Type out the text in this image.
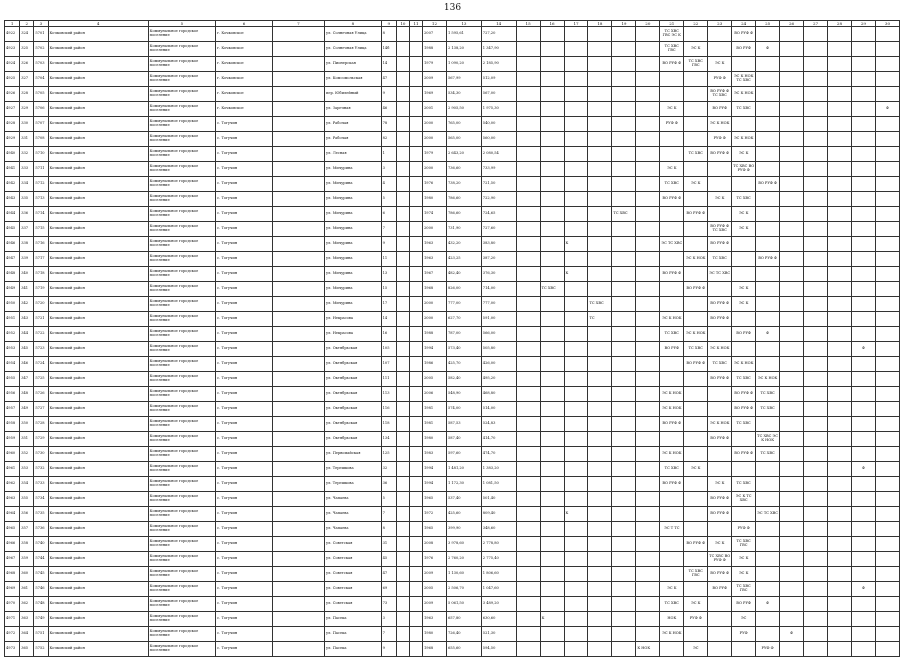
136
1	2	3	4	5	6	7	8	9	10	11	12	13	14	15	16	17	18	19	20	21	22	23	24	25	26	27	28	29	30
4922	324	5701	Кочковский район	Коммунальное городское поселение	г. Кочковское		ул. Солнечная Улица	8			2007	1 595,61	727,20							ТС ХВС ГВС ЭС К			ВО РУФ Ф						
4923	325	5702	Кочковский район	Коммунальное городское поселение	г. Кочковское		ул. Солнечная Улица	14б			1988	2 138,20	1 347,90							ТС ХВС ГВС	ЭС К		ВО РУФ	Ф					
4924	326	5703	Кочковский район	Коммунальное городское поселение	г. Кочковское		ул. Пионерская	14			1979	1 090,20	2 185,90							ВО РУФ Ф	ТС ХВС ГВС	ЭС К							
4925	327	5704	Кочковский район	Коммунальное городское поселение	г. Кочковское		ул. Комсомольская	47			2009	567,99	512,09									РУФ Ф	ЭС К НОК ТС ХВС						
4926	328	5705	Кочковский район	Коммунальное городское поселение	г. Кочковское		пер. Юбилейный	9			1969	534,30	567,00									ВО РУФ Ф ТС ХВС	ЭС К НОК						
4927	329	5706	Кочковский район	Коммунальное городское поселение	г. Кочковское		ул. Заречная	46			2001	2 905,50	1 975,30							ЭС К		ВО РУФ	ТС ХВС						Ф
4928	330	5707	Кочковский район	Коммунальное городское поселение	с. Тогучин		ул. Рабочая	78			2000	765,00	540,00							РУФ Ф		ЭС К НОК							
4929	331	5708	Кочковский район	Коммунальное городское поселение	с. Тогучин		ул. Рабочая	82			2000	565,00	560,00									РУФ Ф	ЭС К НОК						
4940	332	5710	Кочковский район	Коммунальное городское поселение	с. Тогучин		ул. Лесная	1			1979	2 643,20	2 080,54								ТС ХВС	ВО РУФ Ф	ЭС К						
4941	333	5711	Кочковский район	Коммунальное городское поселение	с. Тогучин		ул. Мичурина	3			2000	736,60	733,99							ЭС К			ТС ХВС ВО РУФ Ф						
4942	334	5712	Кочковский район	Коммунальное городское поселение	с. Тогучин		ул. Мичурина	4			1976	738,20	721,50							ТС ХВС	ЭС К			ВО РУФ Ф					
4943	335	5713	Кочковский район	Коммунальное городское поселение	с. Тогучин		ул. Мичурина	5			1980	786,60	722,90							ВО РУФ Ф		ЭС К	ТС ХВС						
4944	336	5714	Кочковский район	Коммунальное городское поселение	с. Тогучин		ул. Мичурина	6			1974	786,60	724,65					ТС ХВС			ВО РУФ Ф		ЭС К						
4945	337	5715	Кочковский район	Коммунальное городское поселение	с. Тогучин		ул. Мичурина	7			2000	731,90	727,60									ВО РУФ Ф ТС ХВС	ЭС К						
4946	338	5716	Кочковский район	Коммунальное городское поселение	с. Тогучин		ул. Мичурина	9			1963	432,20	383,80			К				ЭС ТС ХВС		ВО РУФ Ф							
4947	339	5717	Кочковский район	Коммунальное городское поселение	с. Тогучин		ул. Мичурина	11			1963	423,25	387,20								ЭС К НОК	ТС ХВС		ВО РУФ Ф					
4948	340	5718	Кочковский район	Коммунальное городское поселение	с. Тогучин		ул. Мичурина	13			1967	482,40	376,30			К				ВО РУФ Ф		ЭС ТС ХВС							
4949	341	5719	Кочковский район	Коммунальное городское поселение	с. Тогучин		ул. Мичурина	15			1968	826,00	714,00		ТС ХВС						ВО РУФ Ф		ЭС К						
4950	342	5720	Кочковский район	Коммунальное городское поселение	с. Тогучин		ул. Мичурина	17			2000	777,00	777,00				ТС ХВС					ВО РУФ Ф	ЭС К						
4951	343	5721	Кочковский район	Коммунальное городское поселение	с. Тогучин		ул. Некрасова	14			2000	627,70	591,00				ТС			ЭС К НОК		ВО РУФ Ф							
4952	344	5722	Кочковский район	Коммунальное городское поселение	с. Тогучин		ул. Некрасова	16			1988	787,00	566,00							ТС ХВС	ЭС К НОК		ВО РУФ	Ф					
4953	345	5723	Кочковский район	Коммунальное городское поселение	с. Тогучин		ул. Октябрьская	105			1994	573,40	505,80							ВО РУФ	ТС ХВС	ЭС К НОК						Ф	
4954	346	5724	Кочковский район	Коммунальное городское поселение	с. Тогучин		ул. Октябрьская	107			1986	425,70	426,00								ВО РУФ Ф	ТС ХВС	ЭС К НОК						
4955	347	5725	Кочковский район	Коммунальное городское поселение	с. Тогучин		ул. Октябрьская	111			2005	582,40	495,20									ВО РУФ Ф	ТС ХВС	ЭС К НОК					
4956	348	5726	Кочковский район	Коммунальное городское поселение	с. Тогучин		ул. Октябрьская	113			2006	548,90	468,80							ЭС К НОК			ВО РУФ Ф	ТС ХВС					
4957	349	5727	Кочковский район	Коммунальное городское поселение	с. Тогучин		ул. Октябрьская	116			1981	574,00	514,00							ЭС К НОК			ВО РУФ Ф	ТС ХВС					
4958	350	5728	Кочковский район	Коммунальное городское поселение	с. Тогучин		ул. Октябрьская	118			1981	587,53	524,83							ВО РУФ Ф		ЭС К НОК	ТС ХВС						
4959	351	5729	Кочковский район	Коммунальное городское поселение	с. Тогучин		ул. Октябрьская	134			1980	587,40	414,70									ВО РУФ Ф		ТС ХВС ЭС К НОК					
4960	352	5730	Кочковский район	Коммунальное городское поселение	с. Тогучин		ул. Первомайская	125			1983	597,60	474,70							ЭС К НОК			ВО РУФ Ф	ТС ХВС					
4961	353	5732	Кочковский район	Коммунальное городское поселение	с. Тогучин		ул. Терешкова	32			1994	1 481,20	1 383,20							ТС ХВС	ЭС К							Ф	
4962	354	5733	Кочковский район	Коммунальное городское поселение	с. Тогучин		ул. Терешкова	36			1994	1 172,30	1 081,50							ВО РУФ Ф		ЭС К	ТС ХВС						
4963	355	5734	Кочковский район	Коммунальное городское поселение	с. Тогучин		ул. Чапаева	5			1965	537,40	501,40									ВО РУФ Ф	ЭС К ТС ХВС						
4964	356	5735	Кочковский район	Коммунальное городское поселение	с. Тогучин		ул. Чапаева	7			1972	425,60	809,40			К						ВО РУФ Ф		ЭС ТС ХВС					
4965	357	5736	Кочковский район	Коммунальное городское поселение	с. Тогучин		ул. Чапаева	8			1965	399,90	348,60							ЭС Т ТС			РУФ Ф						
4966	358	5740	Кочковский район	Коммунальное городское поселение	с. Тогучин		ул. Советская	31			2008	3 978,60	2 778,80								ВО РУФ Ф	ЭС К	ТС ХВС ГВС						
4967	359	5744	Кочковский район	Коммунальное городское поселение	с. Тогучин		ул. Советская	45			1976	2 760,20	2 775,40									ТС ХВС ВО РУФ Ф	ЭС К						
4968	360	5745	Кочковский район	Коммунальное городское поселение	с. Тогучин		ул. Советская	47			2009	1 130,60	1 806,60								ТС ХВС ГВС	ВО РУФ Ф	ЭС К						
4969	361	5746	Кочковский район	Коммунальное городское поселение	с. Тогучин		ул. Советская	69			2005	2 506,70	1 047,60							ЭС К		ВО РУФ	ТС ХВС ГВС					Ф	
4970	362	5748	Кочковский район	Коммунальное городское поселение	с. Тогучин		ул. Советская	73			2009	5 061,50	3 489,20							ТС ХВС	ЭС К		ВО РУФ	Ф					
4971	363	5749	Кочковский район	Коммунальное городское поселение	с. Тогучин		ул. Пасека	3			1963	657,80	630,60		К					НОК	РУФ Ф		ЭС						
4972	364	5751	Кочковский район	Коммунальное городское поселение	с. Тогучин		ул. Пасека	7			1980	726,40	521,30							ЭС К НОК			РУФ		Ф				
4973	365	5752	Кочковский район	Коммунальное городское поселение	с. Тогучин		ул. Пасека	9			1968	655,60	594,50						К НОК		ЭС			РУФ Ф					
